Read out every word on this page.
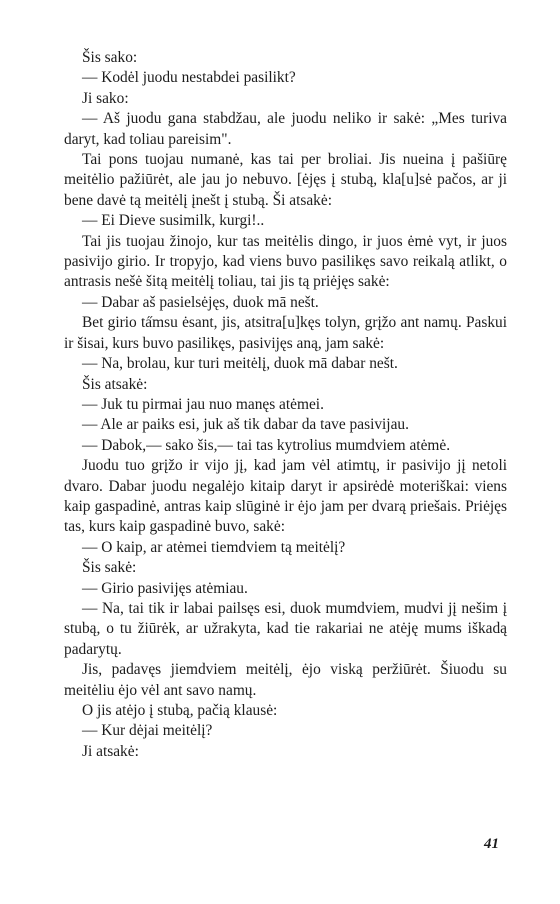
Šis sako:

— Kodėl juodu nestabdei pasilikt?

Ji sako:

— Aš juodu gana stabdžau, ale juodu neliko ir sakė: „Mes turiva daryt, kad toliau pareisim".

Tai pons tuojau numanė, kas tai per broliai. Jis nueina į pašiūrę meitėlio pažiūrėt, ale jau jo nebuvo. [ėjęs į stubą, kla[u]sė pačos, ar ji bene davė tą meitėlį įnešt į stubą. Ši atsakė:

— Ei Dieve susimilk, kurgi!..

Tai jis tuojau žinojo, kur tas meitėlis dingo, ir juos ėmė vyt, ir juos pasivijo girio. Ir tropyjo, kad viens buvo pasilikęs savo reikalą atlikt, o antrasis nešė šitą meitėlį toliau, tai jis tą priėjęs sakė:

— Dabar aš pasielsėjęs, duok mā nešt.

Bet girio ta̋msu ėsant, jis, atsitra[u]kęs tolyn, grįžo ant namų. Paskui ir šisai, kurs buvo pasilikęs, pasivijęs aną, jam sakė:

— Na, brolau, kur turi meitėlį, duok mā dabar nešt.

Šis atsakė:

— Juk tu pirmai jau nuo manęs atėmei.

— Ale ar paiks esi, juk aš tik dabar da tave pasivijau.

— Dabok,— sako šis,— tai tas kytrolius mumdviem atėmė.

Juodu tuo grįžo ir vijo jį, kad jam vėl atimtų, ir pasivijo jį netoli dvaro. Dabar juodu negalėjo kitaip daryt ir apsirėdė moteriškai: viens kaip gaspadinė, antras kaip slūginė ir ėjo jam per dvarą priešais. Priėjęs tas, kurs kaip gaspadinė buvo, sakė:

— O kaip, ar atėmei tiemdviem tą meitėlį?

Šis sakė:

— Girio pasivijęs atėmiau.

— Na, tai tik ir labai pailsęs esi, duok mumdviem, mudvi jį nešim į stubą, o tu žiūrėk, ar užrakyta, kad tie rakariai ne atėję mums iškadą padarytų.

Jis, padavęs jiemdviem meitėlį, ėjo viską peržiūrėt. Šiuodu su meitėliu ėjo vėl ant savo namų.

O jis atėjo į stubą, pačią klausė:

— Kur dėjai meitėlį?

Ji atsakė:

41
